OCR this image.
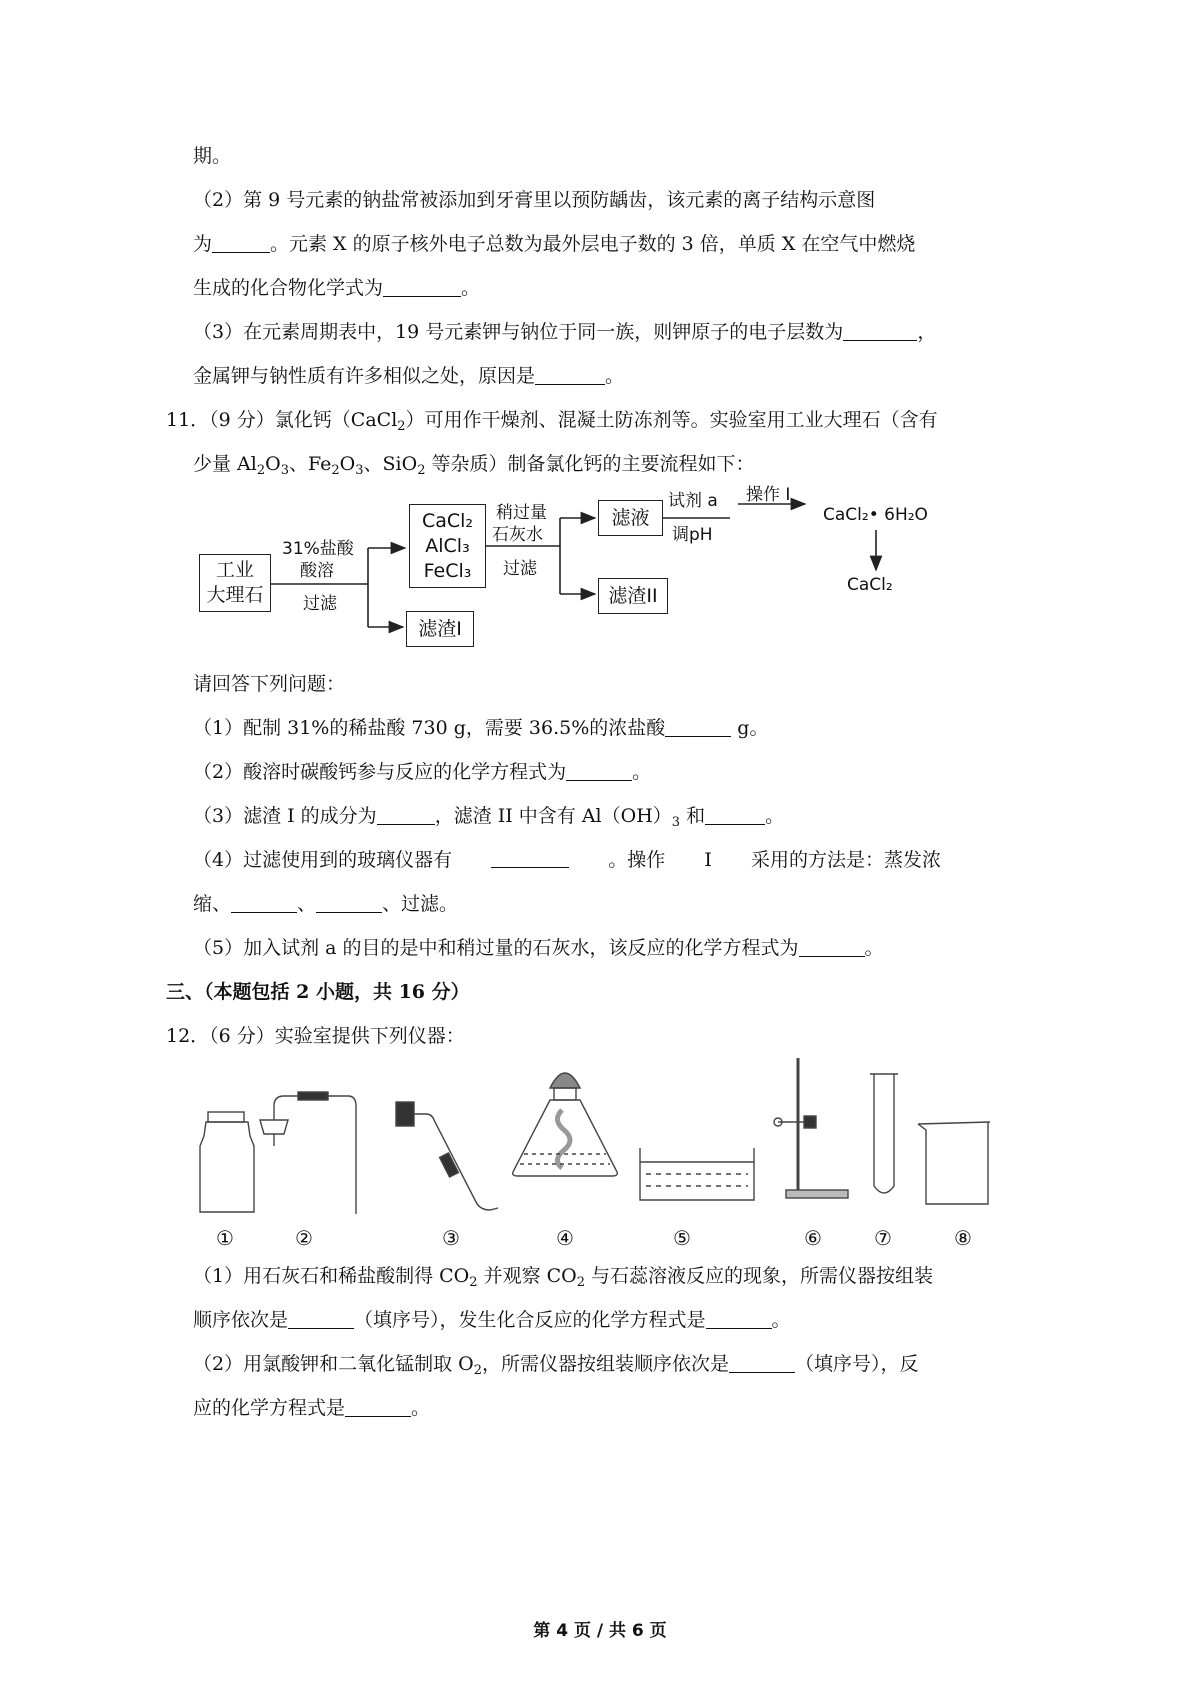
期。
（2）第 9 号元素的钠盐常被添加到牙膏里以预防龋齿，该元素的离子结构示意图
为	。元素 X 的原子核外电子总数为最外层电子数的 3 倍，单质 X 在空气中燃烧
生成的化合物化学式为	。
（3）在元素周期表中，19 号元素钾与钠位于同一族，则钾原子的电子层数为	，
金属钾与钠性质有许多相似之处，原因是	。
11．（9 分）氯化钙（CaCl$_2$）可用作干燥剂、混凝土防冻剂等。实验室用工业大理石（含有
少量 $Al_2O_3$、$Fe_2O_3$、SiO$_2$ 等杂质）制备氯化钙的主要流程如下：
工业
大理石
31%盐酸
酸溶
过滤
CaCl₂
AlCl₃
FeCl₃
滤渣I
稍过量
石灰水
过滤
滤液
滤渣II
试剂 a
调pH
操作 I
CaCl₂• 6H₂O
CaCl₂
请回答下列问题：
（1）配制 31%的稀盐酸 730 g，需要 36.5%的浓盐酸	g。
（2）酸溶时碳酸钙参与反应的化学方程式为	。
（3）滤渣 I 的成分为	，滤渣 II 中含有 $Al(OH)_3$ 和	。
（4）过滤使用到的玻璃仪器有	。操作 I 采用的方法是：蒸发浓
缩、	、	、过滤。
（5）加入试剂 a 的目的是中和稍过量的石灰水，该反应的化学方程式为	。
三、（本题包括 2 小题，共 16 分）
12．（6 分）实验室提供下列仪器：
①	②	③	④	⑤	⑥	⑦	⑧
（1）用石灰石和稀盐酸制得 $CO_2$ 并观察 $CO_2$ 与石蕊溶液反应的现象，所需仪器按组装
顺序依次是	（填序号），发生化合反应的化学方程式是	。
（2）用氯酸钾和二氧化锰制取 $O_2$，所需仪器按组装顺序依次是	（填序号），反
应的化学方程式是	。
第 4 页 / 共 6 页
